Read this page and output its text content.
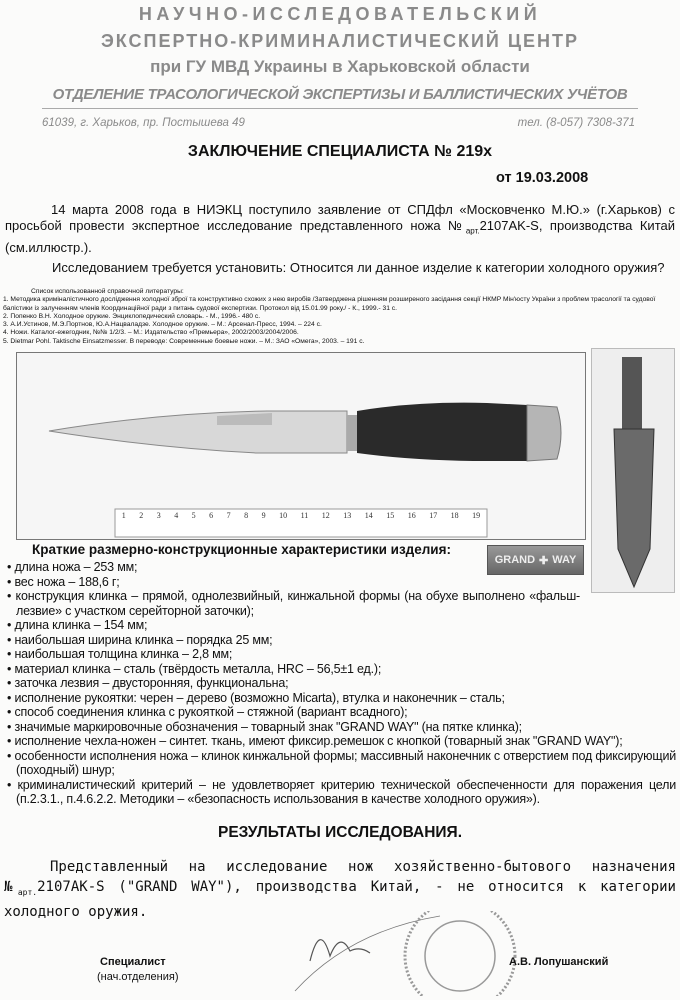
НАУЧНО-ИССЛЕДОВАТЕЛЬСКИЙ
ЭКСПЕРТНО-КРИМИНАЛИСТИЧЕСКИЙ ЦЕНТР
при ГУ МВД Украины в Харьковской области
ОТДЕЛЕНИЕ ТРАСОЛОГИЧЕСКОЙ ЭКСПЕРТИЗЫ И БАЛЛИСТИЧЕСКИХ УЧЁТОВ
61039, г. Харьков, пр. Постышева 49	тел. (8-057) 7308-371
ЗАКЛЮЧЕНИЕ СПЕЦИАЛИСТА № 219х
от 19.03.2008
14 марта 2008 года в НИЭКЦ поступило заявление от СПДфл «Московченко М.Ю.» (г.Харьков) с просьбой провести экспертное исследование представленного ножа $№_{арт.}2107AK-S$, производства Китай (см.иллюстр.).
Исследованием требуется установить: Относится ли данное изделие к категории холодного оружия?
Список использованной справочной литературы:
1. Методика криміналістичного дослідження холодної зброї та конструктивно схожих з нею виробів /Затверджена рішенням розширеного засідання секції НКМР Мін'юсту України з проблем трасології та судової балістики із залученням членів Координаційної ради з питань судової експертизи. Протокол від 15.01.99 року./ - К., 1999.- 31 с.
2. Попенко В.Н. Холодное оружие. Энциклопедический словарь. - М., 1996.- 480 с.
3. А.И.Устинов, М.Э.Портнов, Ю.А.Нацваладзе. Холодное оружие. – М.: Арсенал-Пресс, 1994. – 224 с.
4. Ножи. Каталог-ежегодник, №№ 1/2/3. – М.: Издательство «Премьера», 2002/2003/2004/2006.
5. Dietmar Pohl. Taktische Einsatzmesser. В переводе: Современные боевые ножи. – М.: ЗАО «Омега», 2003. – 191 с.
1 2 3 4 5 6 7 8 9 10 11 12 13 14 15 16 17 18 19
GRAND ✚ WAY
Краткие размерно-конструкционные характеристики изделия:
• длина ножа – 253 мм;
• вес ножа – 188,6 г;
• конструкция клинка – прямой, однолезвийный, кинжальной формы (на обухе выполнено «фальш-лезвие» с участком серейторной заточки);
• длина клинка – 154 мм;
• наибольшая ширина клинка – порядка 25 мм;
• наибольшая толщина клинка – 2,8 мм;
• материал клинка – сталь (твёрдость металла, HRC – 56,5±1 ед.);
• заточка лезвия – двусторонняя, функциональна;
• исполнение рукоятки: черен – дерево (возможно Micarta), втулка и наконечник – сталь;
• способ соединения клинка с рукояткой – стяжной (вариант всадного);
• значимые маркировочные обозначения – товарный знак "GRAND WAY" (на пятке клинка);
• исполнение чехла-ножен – синтет. ткань, имеют фиксир.ремешок с кнопкой (товарный знак "GRAND WAY");
• особенности исполнения ножа – клинок кинжальной формы; массивный наконечник с отверстием под фиксирующий (походный) шнур;
• криминалистический критерий – не удовлетворяет критерию технической обеспеченности для поражения цели (п.2.3.1., п.4.6.2.2. Методики – «безопасность использования в качестве холодного оружия»).
РЕЗУЛЬТАТЫ ИССЛЕДОВАНИЯ.
Представленный на исследование нож хозяйственно-бытового назначения $№_{арт.}2107AK-S$ ("GRAND WAY"), производства Китай, - не относится к категории холодного оружия.
Специалист
(нач.отделения)
А.В. Лопушанский
